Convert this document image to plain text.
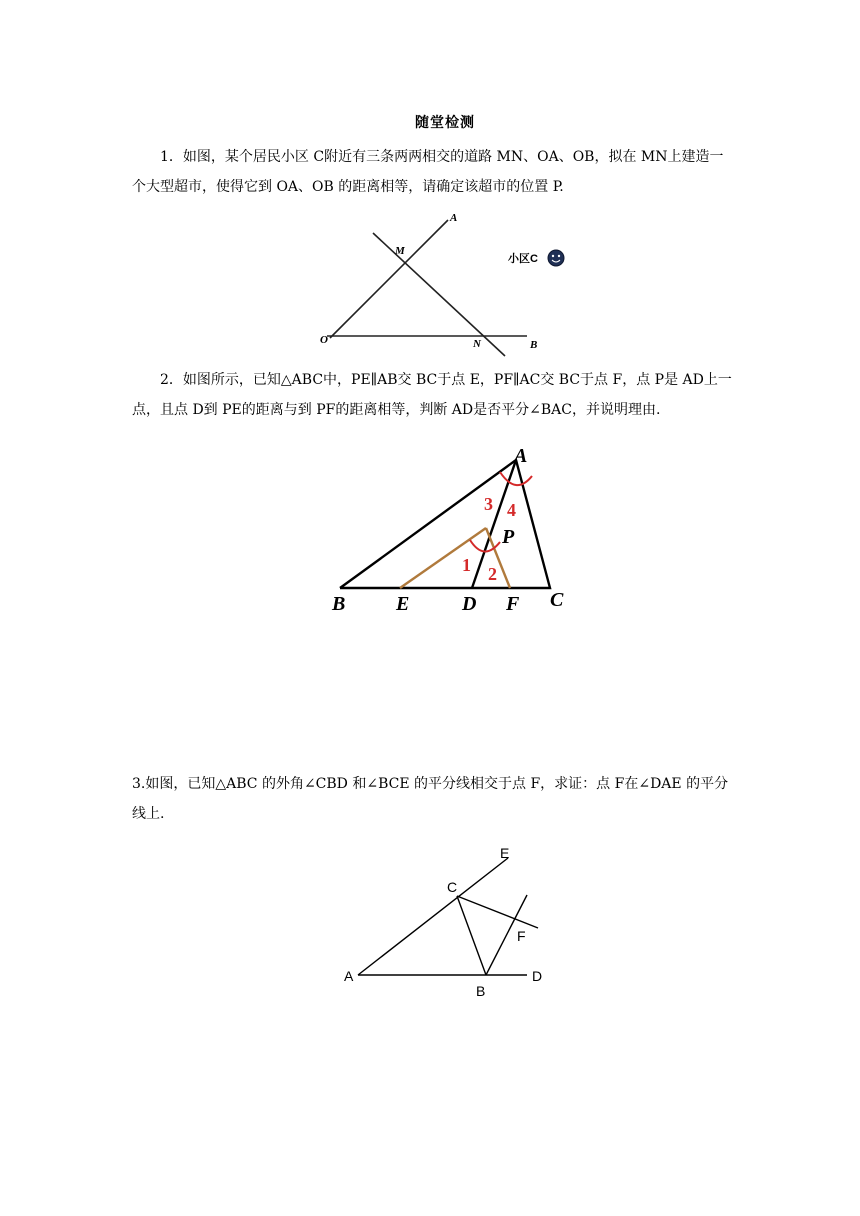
随堂检测
1．如图，某个居民小区 C附近有三条两两相交的道路 MN、OA、OB，拟在 MN上建造一个大型超市，使得它到 OA、OB 的距离相等，请确定该超市的位置 P.
A
M
O	N	B
小区C
2．如图所示，已知△ABC中，PE∥AB交 BC于点 E，PF∥AC交 BC于点 F，点 P是 AD上一点，且点 D到 PE的距离与到 PF的距离相等，判断 AD是否平分∠BAC，并说明理由.
A
B	E	D F C
P
3 4
1 2
3.如图，已知△ABC 的外角∠CBD 和∠BCE 的平分线相交于点 F，求证：点 F在∠DAE 的平分线上.
E
C
F
A
B
D
